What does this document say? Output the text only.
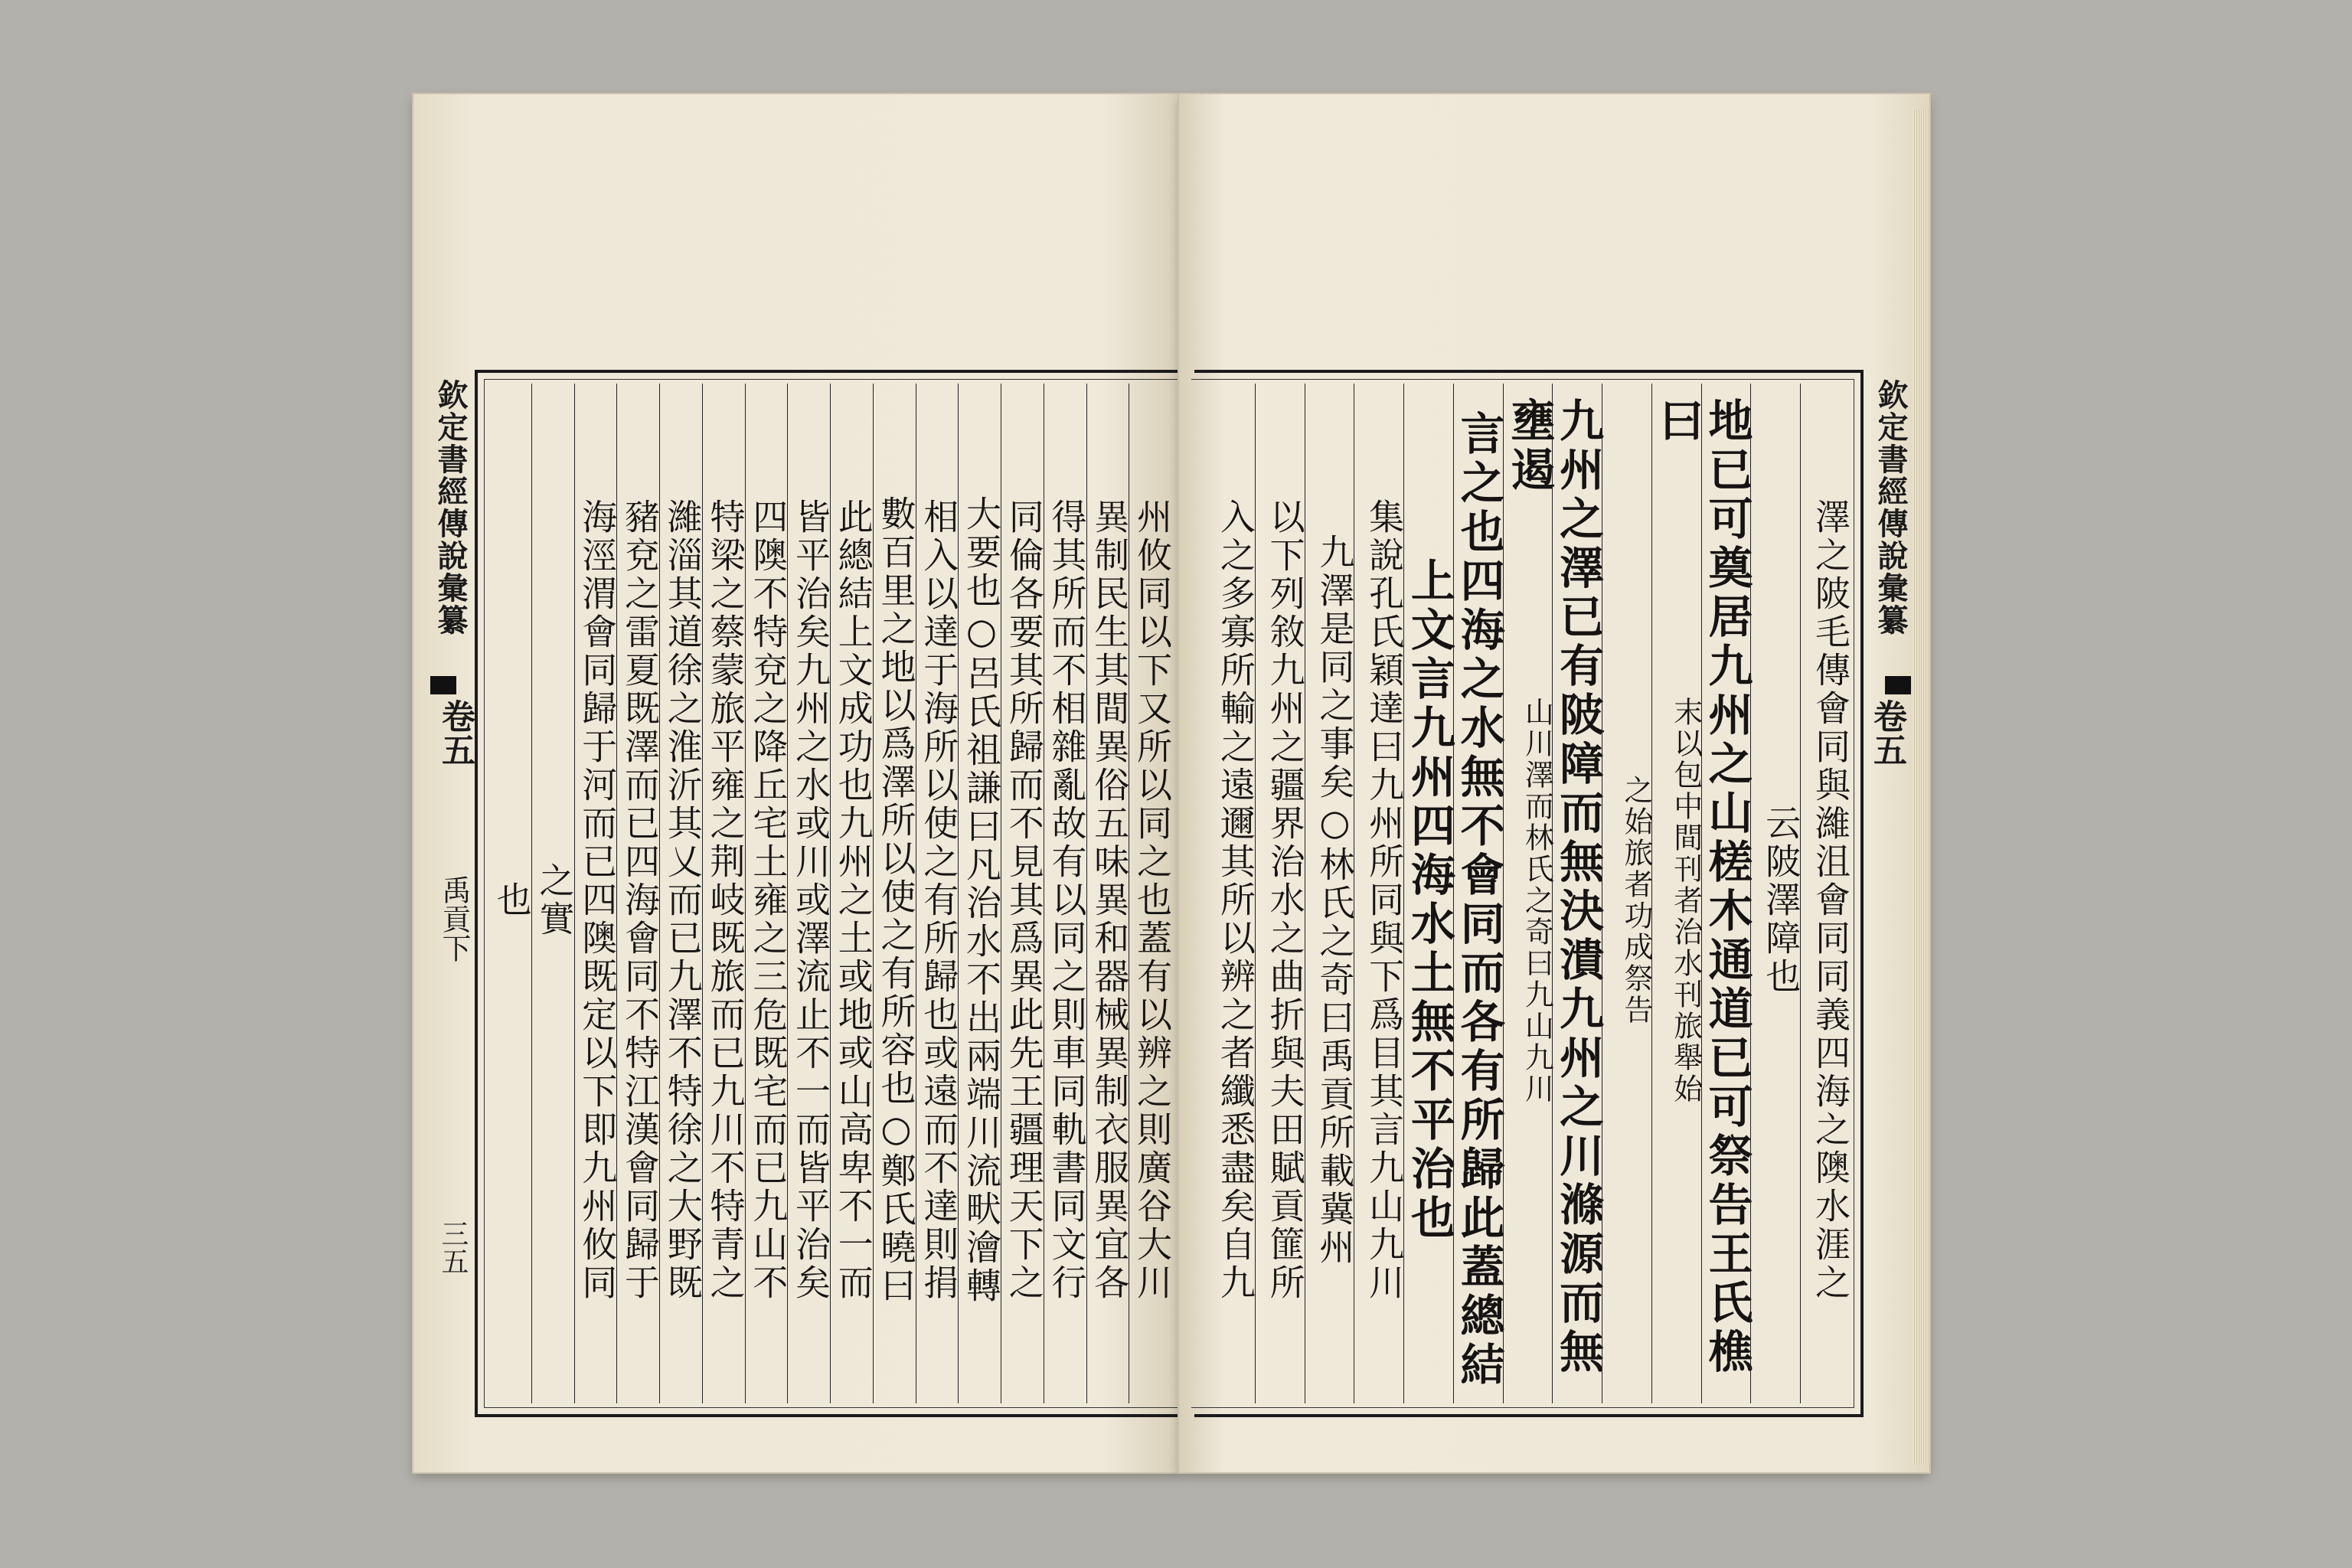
州攸同以下又所以同之也蓋有以辨之則廣谷大川
異制民生其間異俗五味異和器械異制衣服異宜各
得其所而不相雜亂故有以同之則車同軌書同文行
同倫各要其所歸而不見其爲異此先王疆理天下之
大要也○呂氏祖謙曰凡治水不出兩端川流畎澮轉
相入以達于海所以使之有所歸也或遠而不達則捐
數百里之地以爲澤所以使之有所容也○鄭氏曉曰
此總結上文成功也九州之土或地或山高卑不一而
皆平治矣九州之水或川或澤流止不一而皆平治矣
四隩不特兗之降丘宅土雍之三危既宅而已九山不
特梁之蔡蒙旅平雍之荆岐既旅而已九川不特青之
濰淄其道徐之淮沂其乂而已九澤不特徐之大野既
豬兗之雷夏既澤而已四海會同不特江漢會同歸于
海涇渭會同歸于河而已四隩既定以下即九州攸同
之實
也
欽定書經傳說彙纂
卷五
禹貢下
三五	澤之陂毛傳會同與濰沮會同同義四海之隩水涯之
云陂澤障也
地已可奠居九州之山槎木通道已可祭告王氏樵曰
末以包中間刊者治水刊旅舉始
之始旅者功成祭告
九州之澤已有陂障而無決潰九州之川滌源而無壅遏
山川澤而林氏之奇曰九山九川
言之也四海之水無不會同而各有所歸此蓋總結
上文言九州四海水土無不平治也
集說孔氏穎達曰九州所同與下爲目其言九山九川
九澤是同之事矣○林氏之奇曰禹貢所載冀州
以下列敘九州之疆界治水之曲折與夫田賦貢篚所
入之多寡所輸之遠邇其所以辨之者纖悉盡矣自九	欽定書經傳說彙纂
卷五
